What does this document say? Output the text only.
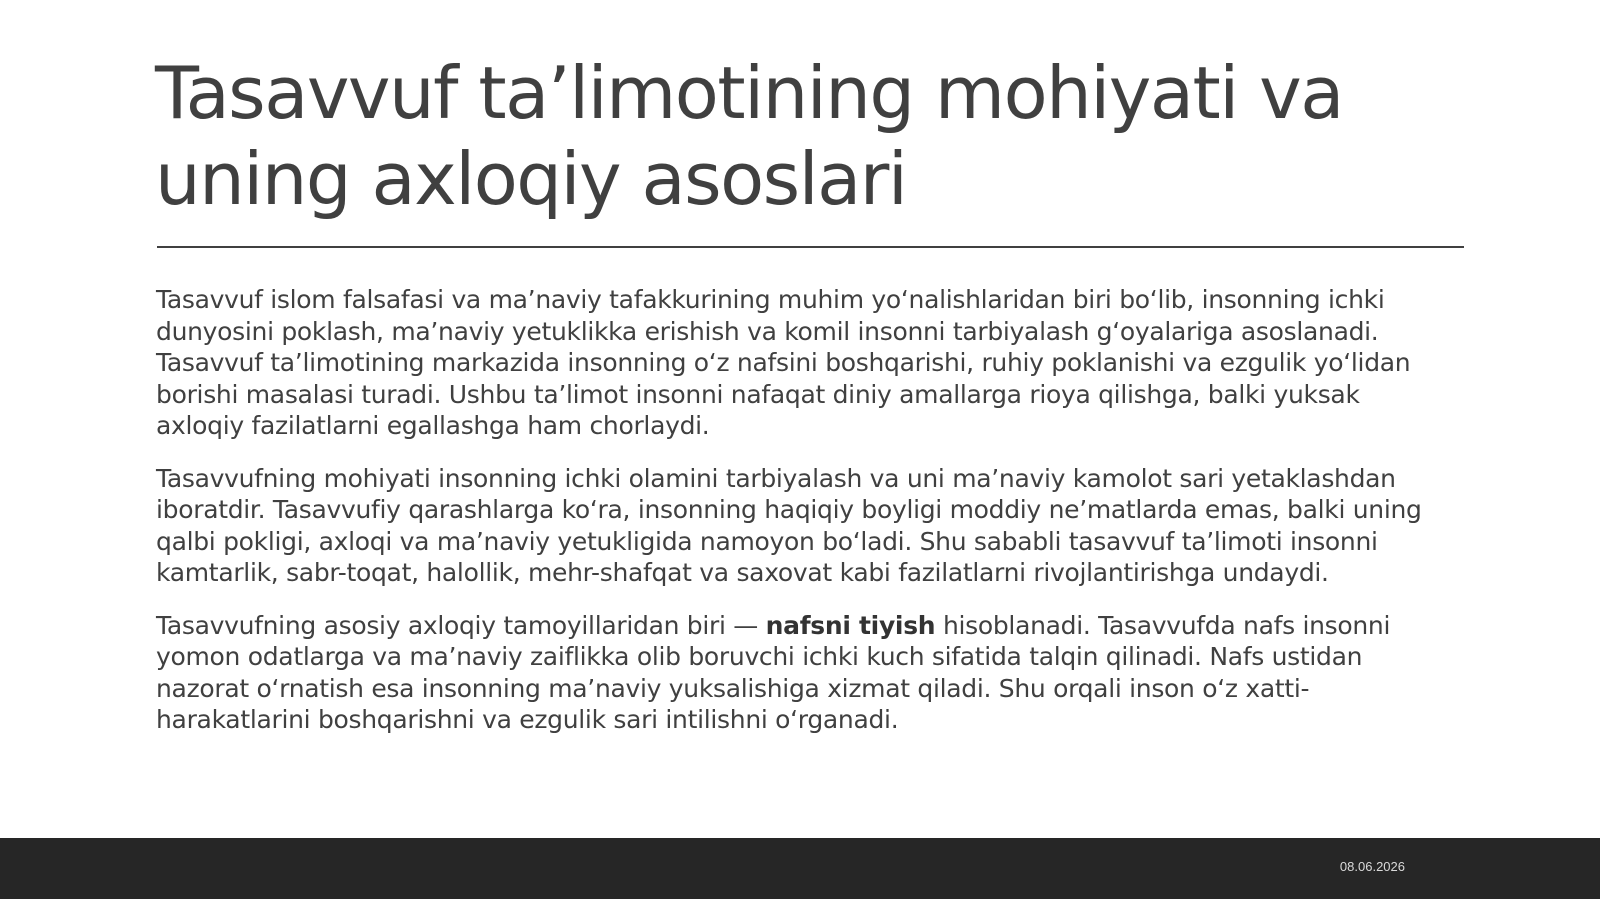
Tasavvuf ta’limotining mohiyati va
uning axloqiy asoslari

Tasavvuf islom falsafasi va ma’naviy tafakkurining muhim yo‘nalishlaridan biri bo‘lib, insonning ichki
dunyosini poklash, ma’naviy yetuklikka erishish va komil insonni tarbiyalash g‘oyalariga asoslanadi.
Tasavvuf ta’limotining markazida insonning o‘z nafsini boshqarishi, ruhiy poklanishi va ezgulik yo‘lidan
borishi masalasi turadi. Ushbu ta’limot insonni nafaqat diniy amallarga rioya qilishga, balki yuksak
axloqiy fazilatlarni egallashga ham chorlaydi.

Tasavvufning mohiyati insonning ichki olamini tarbiyalash va uni ma’naviy kamolot sari yetaklashdan
iboratdir. Tasavvufiy qarashlarga ko‘ra, insonning haqiqiy boyligi moddiy ne’matlarda emas, balki uning
qalbi pokligi, axloqi va ma’naviy yetukligida namoyon bo‘ladi. Shu sababli tasavvuf ta’limoti insonni
kamtarlik, sabr-toqat, halollik, mehr-shafqat va saxovat kabi fazilatlarni rivojlantirishga undaydi.

Tasavvufning asosiy axloqiy tamoyillaridan biri — nafsni tiyish hisoblanadi. Tasavvufda nafs insonni
yomon odatlarga va ma’naviy zaiflikka olib boruvchi ichki kuch sifatida talqin qilinadi. Nafs ustidan
nazorat o‘rnatish esa insonning ma’naviy yuksalishiga xizmat qiladi. Shu orqali inson o‘z xatti-
harakatlarini boshqarishni va ezgulik sari intilishni o‘rganadi.

08.06.2026
